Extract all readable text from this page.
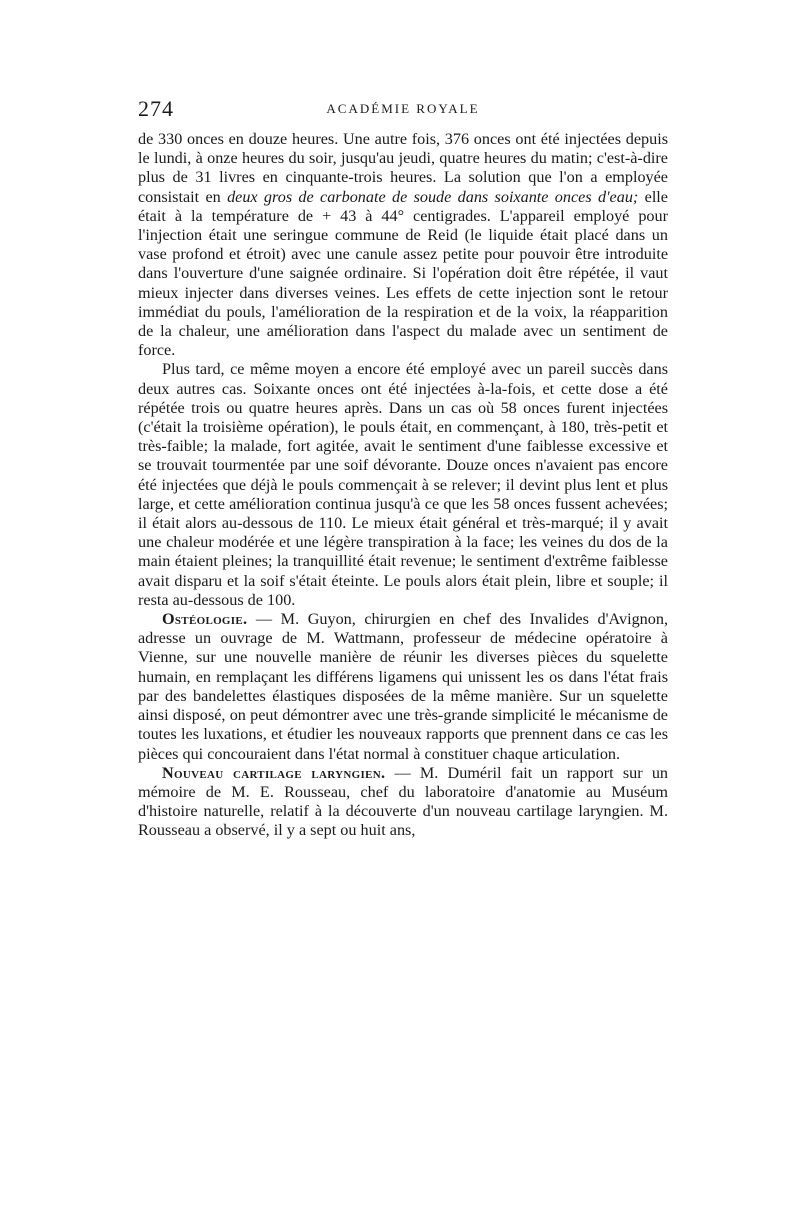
274	ACADÉMIE ROYALE

de 330 onces en douze heures. Une autre fois, 376 onces ont été injectées depuis le lundi, à onze heures du soir, jusqu'au jeudi, quatre heures du matin; c'est-à-dire plus de 31 livres en cinquante-trois heures. La solution que l'on a employée consistait en deux gros de carbonate de soude dans soixante onces d'eau; elle était à la température de + 43 à 44° centigrades. L'appareil employé pour l'injection était une seringue commune de Reid (le liquide était placé dans un vase profond et étroit) avec une canule assez petite pour pouvoir être introduite dans l'ouverture d'une saignée ordinaire. Si l'opération doit être répétée, il vaut mieux injecter dans diverses veines. Les effets de cette injection sont le retour immédiat du pouls, l'amélioration de la respiration et de la voix, la réapparition de la chaleur, une amélioration dans l'aspect du malade avec un sentiment de force.

Plus tard, ce même moyen a encore été employé avec un pareil succès dans deux autres cas. Soixante onces ont été injectées à-la-fois, et cette dose a été répétée trois ou quatre heures après. Dans un cas où 58 onces furent injectées (c'était la troisième opération), le pouls était, en commençant, à 180, très-petit et très-faible; la malade, fort agitée, avait le sentiment d'une faiblesse excessive et se trouvait tourmentée par une soif dévorante. Douze onces n'avaient pas encore été injectées que déjà le pouls commençait à se relever; il devint plus lent et plus large, et cette amélioration continua jusqu'à ce que les 58 onces fussent achevées; il était alors au-dessous de 110. Le mieux était général et très-marqué; il y avait une chaleur modérée et une légère transpiration à la face; les veines du dos de la main étaient pleines; la tranquillité était revenue; le sentiment d'extrême faiblesse avait disparu et la soif s'était éteinte. Le pouls alors était plein, libre et souple; il resta au-dessous de 100.

Ostéologie. — M. Guyon, chirurgien en chef des Invalides d'Avignon, adresse un ouvrage de M. Wattmann, professeur de médecine opératoire à Vienne, sur une nouvelle manière de réunir les diverses pièces du squelette humain, en remplaçant les différens ligamens qui unissent les os dans l'état frais par des bandelettes élastiques disposées de la même manière. Sur un squelette ainsi disposé, on peut démontrer avec une très-grande simplicité le mécanisme de toutes les luxations, et étudier les nouveaux rapports que prennent dans ce cas les pièces qui concouraient dans l'état normal à constituer chaque articulation.

Nouveau cartilage laryngien. — M. Duméril fait un rapport sur un mémoire de M. E. Rousseau, chef du laboratoire d'anatomie au Muséum d'histoire naturelle, relatif à la découverte d'un nouveau cartilage laryngien. M. Rousseau a observé, il y a sept ou huit ans,
